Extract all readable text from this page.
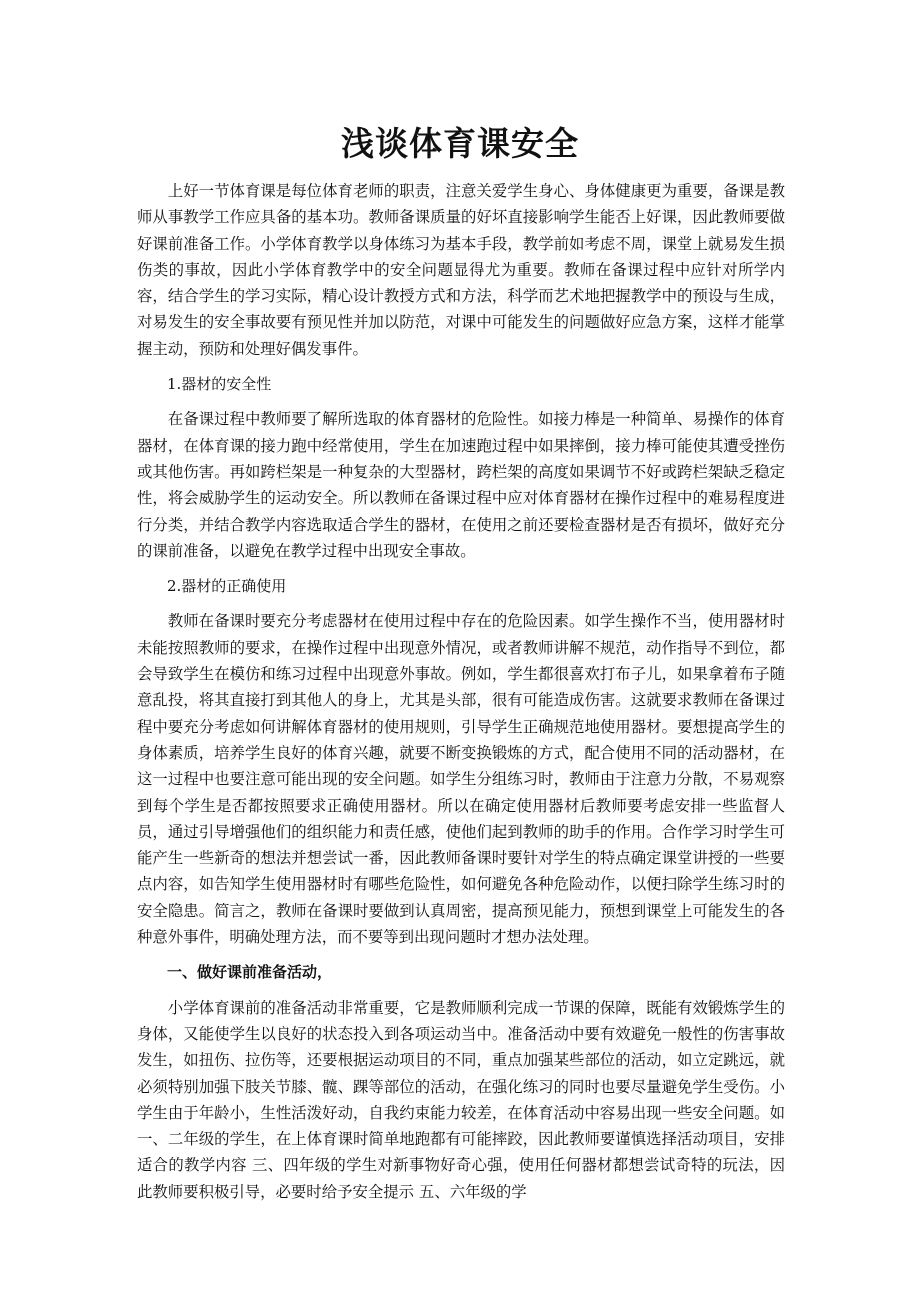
浅谈体育课安全

上好一节体育课是每位体育老师的职责，注意关爱学生身心、身体健康更为重要，备课是教师从事教学工作应具备的基本功。教师备课质量的好坏直接影响学生能否上好课，因此教师要做好课前准备工作。小学体育教学以身体练习为基本手段，教学前如考虑不周，课堂上就易发生损伤类的事故，因此小学体育教学中的安全问题显得尤为重要。教师在备课过程中应针对所学内容，结合学生的学习实际，精心设计教授方式和方法，科学而艺术地把握教学中的预设与生成，对易发生的安全事故要有预见性并加以防范，对课中可能发生的问题做好应急方案，这样才能掌握主动，预防和处理好偶发事件。

1.器材的安全性

在备课过程中教师要了解所选取的体育器材的危险性。如接力棒是一种简单、易操作的体育器材，在体育课的接力跑中经常使用，学生在加速跑过程中如果摔倒，接力棒可能使其遭受挫伤或其他伤害。再如跨栏架是一种复杂的大型器材，跨栏架的高度如果调节不好或跨栏架缺乏稳定性，将会威胁学生的运动安全。所以教师在备课过程中应对体育器材在操作过程中的难易程度进行分类，并结合教学内容选取适合学生的器材，在使用之前还要检查器材是否有损坏，做好充分的课前准备，以避免在教学过程中出现安全事故。

2.器材的正确使用

教师在备课时要充分考虑器材在使用过程中存在的危险因素。如学生操作不当，使用器材时未能按照教师的要求，在操作过程中出现意外情况，或者教师讲解不规范，动作指导不到位，都会导致学生在模仿和练习过程中出现意外事故。例如，学生都很喜欢打布子儿，如果拿着布子随意乱投，将其直接打到其他人的身上，尤其是头部，很有可能造成伤害。这就要求教师在备课过程中要充分考虑如何讲解体育器材的使用规则，引导学生正确规范地使用器材。要想提高学生的身体素质，培养学生良好的体育兴趣，就要不断变换锻炼的方式，配合使用不同的活动器材，在这一过程中也要注意可能出现的安全问题。如学生分组练习时，教师由于注意力分散，不易观察到每个学生是否都按照要求正确使用器材。所以在确定使用器材后教师要考虑安排一些监督人员，通过引导增强他们的组织能力和责任感，使他们起到教师的助手的作用。合作学习时学生可能产生一些新奇的想法并想尝试一番，因此教师备课时要针对学生的特点确定课堂讲授的一些要点内容，如告知学生使用器材时有哪些危险性，如何避免各种危险动作，以便扫除学生练习时的安全隐患。简言之，教师在备课时要做到认真周密，提高预见能力，预想到课堂上可能发生的各种意外事件，明确处理方法，而不要等到出现问题时才想办法处理。

一、做好课前准备活动，

小学体育课前的准备活动非常重要，它是教师顺利完成一节课的保障，既能有效锻炼学生的身体，又能使学生以良好的状态投入到各项运动当中。准备活动中要有效避免一般性的伤害事故发生，如扭伤、拉伤等，还要根据运动项目的不同，重点加强某些部位的活动，如立定跳远，就必须特别加强下肢关节膝、髋、踝等部位的活动，在强化练习的同时也要尽量避免学生受伤。小学生由于年龄小，生性活泼好动，自我约束能力较差，在体育活动中容易出现一些安全问题。如一、二年级的学生，在上体育课时简单地跑都有可能摔跤，因此教师要谨慎选择活动项目，安排适合的教学内容 三、四年级的学生对新事物好奇心强，使用任何器材都想尝试奇特的玩法，因此教师要积极引导，必要时给予安全提示 五、六年级的学
